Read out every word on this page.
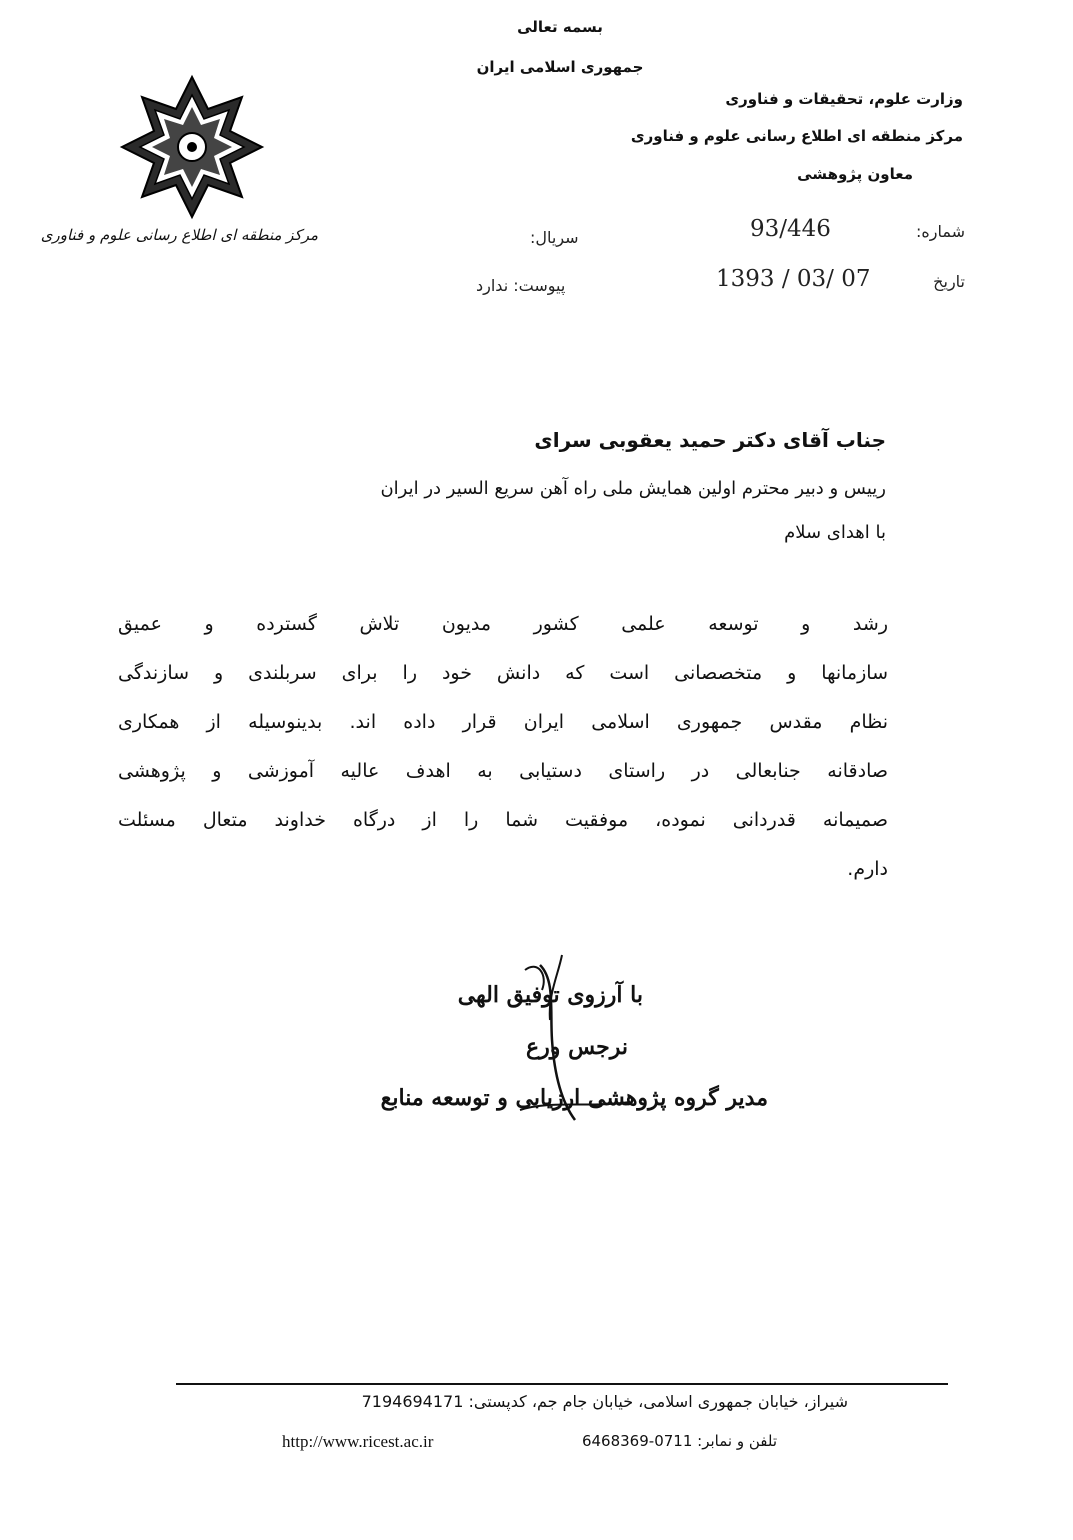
بسمه تعالی
جمهوری اسلامی ایران
وزارت علوم، تحقیقات و فناوری
مرکز منطقه ای اطلاع رسانی علوم و فناوری
معاون پژوهشی
مرکز منطقه ای اطلاع رسانی علوم و فناوری	شماره:
93/446
سریال:
تاریخ
1393 / 03/ 07
پیوست: ندارد
جناب آقای دکتر حمید یعقوبی سرای
رییس و دبیر محترم اولین همایش ملی راه آهن سریع السیر در ایران
با اهدای سلام

رشد و توسعه علمی کشور مدیون تلاش گسترده و عمیق

سازمانها و متخصصانی است که دانش خود را برای سربلندی و سازندگی

نظام مقدس جمهوری اسلامی ایران قرار داده اند. بدینوسیله از همکاری

صادقانه جنابعالی در راستای دستیابی به اهدف عالیه آموزشی و پژوهشی

صمیمانه قدردانی نموده، موفقیت شما را از درگاه خداوند متعال مسئلت

دارم.

با آرزوی توفیق الهی
نرجس ورع
مدیر گروه پژوهشی ارزیابی و توسعه منابع
شیراز، خیابان جمهوری اسلامی، خیابان جام جم، کدپستی: 7194694171
تلفن و نمابر: 0711-6468369
http://www.ricest.ac.ir
